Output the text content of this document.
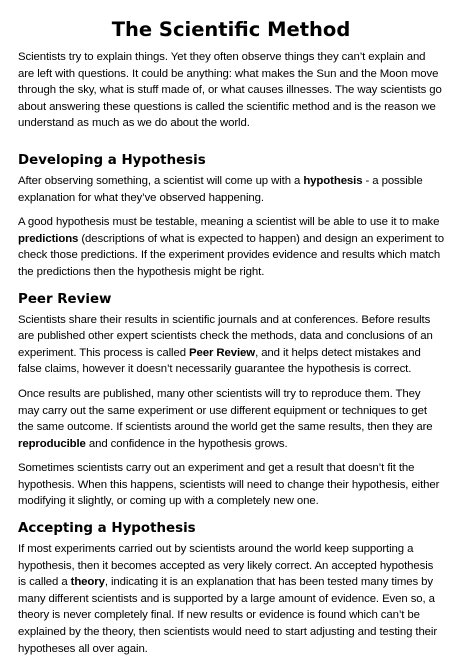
The Scientific Method

Scientists try to explain things. Yet they often observe things they can’t explain and are left with questions. It could be anything: what makes the Sun and the Moon move through the sky, what is stuff made of, or what causes illnesses. The way scientists go about answering these questions is called the scientific method and is the reason we understand as much as we do about the world.

Developing a Hypothesis

After observing something, a scientist will come up with a hypothesis - a possible explanation for what they’ve observed happening.

A good hypothesis must be testable, meaning a scientist will be able to use it to make predictions (descriptions of what is expected to happen) and design an experiment to check those predictions. If the experiment provides evidence and results which match the predictions then the hypothesis might be right.

Peer Review

Scientists share their results in scientific journals and at conferences. Before results are published other expert scientists check the methods, data and conclusions of an experiment. This process is called Peer Review, and it helps detect mistakes and false claims, however it doesn’t necessarily guarantee the hypothesis is correct.

Once results are published, many other scientists will try to reproduce them. They may carry out the same experiment or use different equipment or techniques to get the same outcome. If scientists around the world get the same results, then they are reproducible and confidence in the hypothesis grows.

Sometimes scientists carry out an experiment and get a result that doesn’t fit the hypothesis. When this happens, scientists will need to change their hypothesis, either modifying it slightly, or coming up with a completely new one.

Accepting a Hypothesis

If most experiments carried out by scientists around the world keep supporting a hypothesis, then it becomes accepted as very likely correct. An accepted hypothesis is called a theory, indicating it is an explanation that has been tested many times by many different scientists and is supported by a large amount of evidence. Even so, a theory is never completely final. If new results or evidence is found which can’t be explained by the theory, then scientists would need to start adjusting and testing their hypotheses all over again.
